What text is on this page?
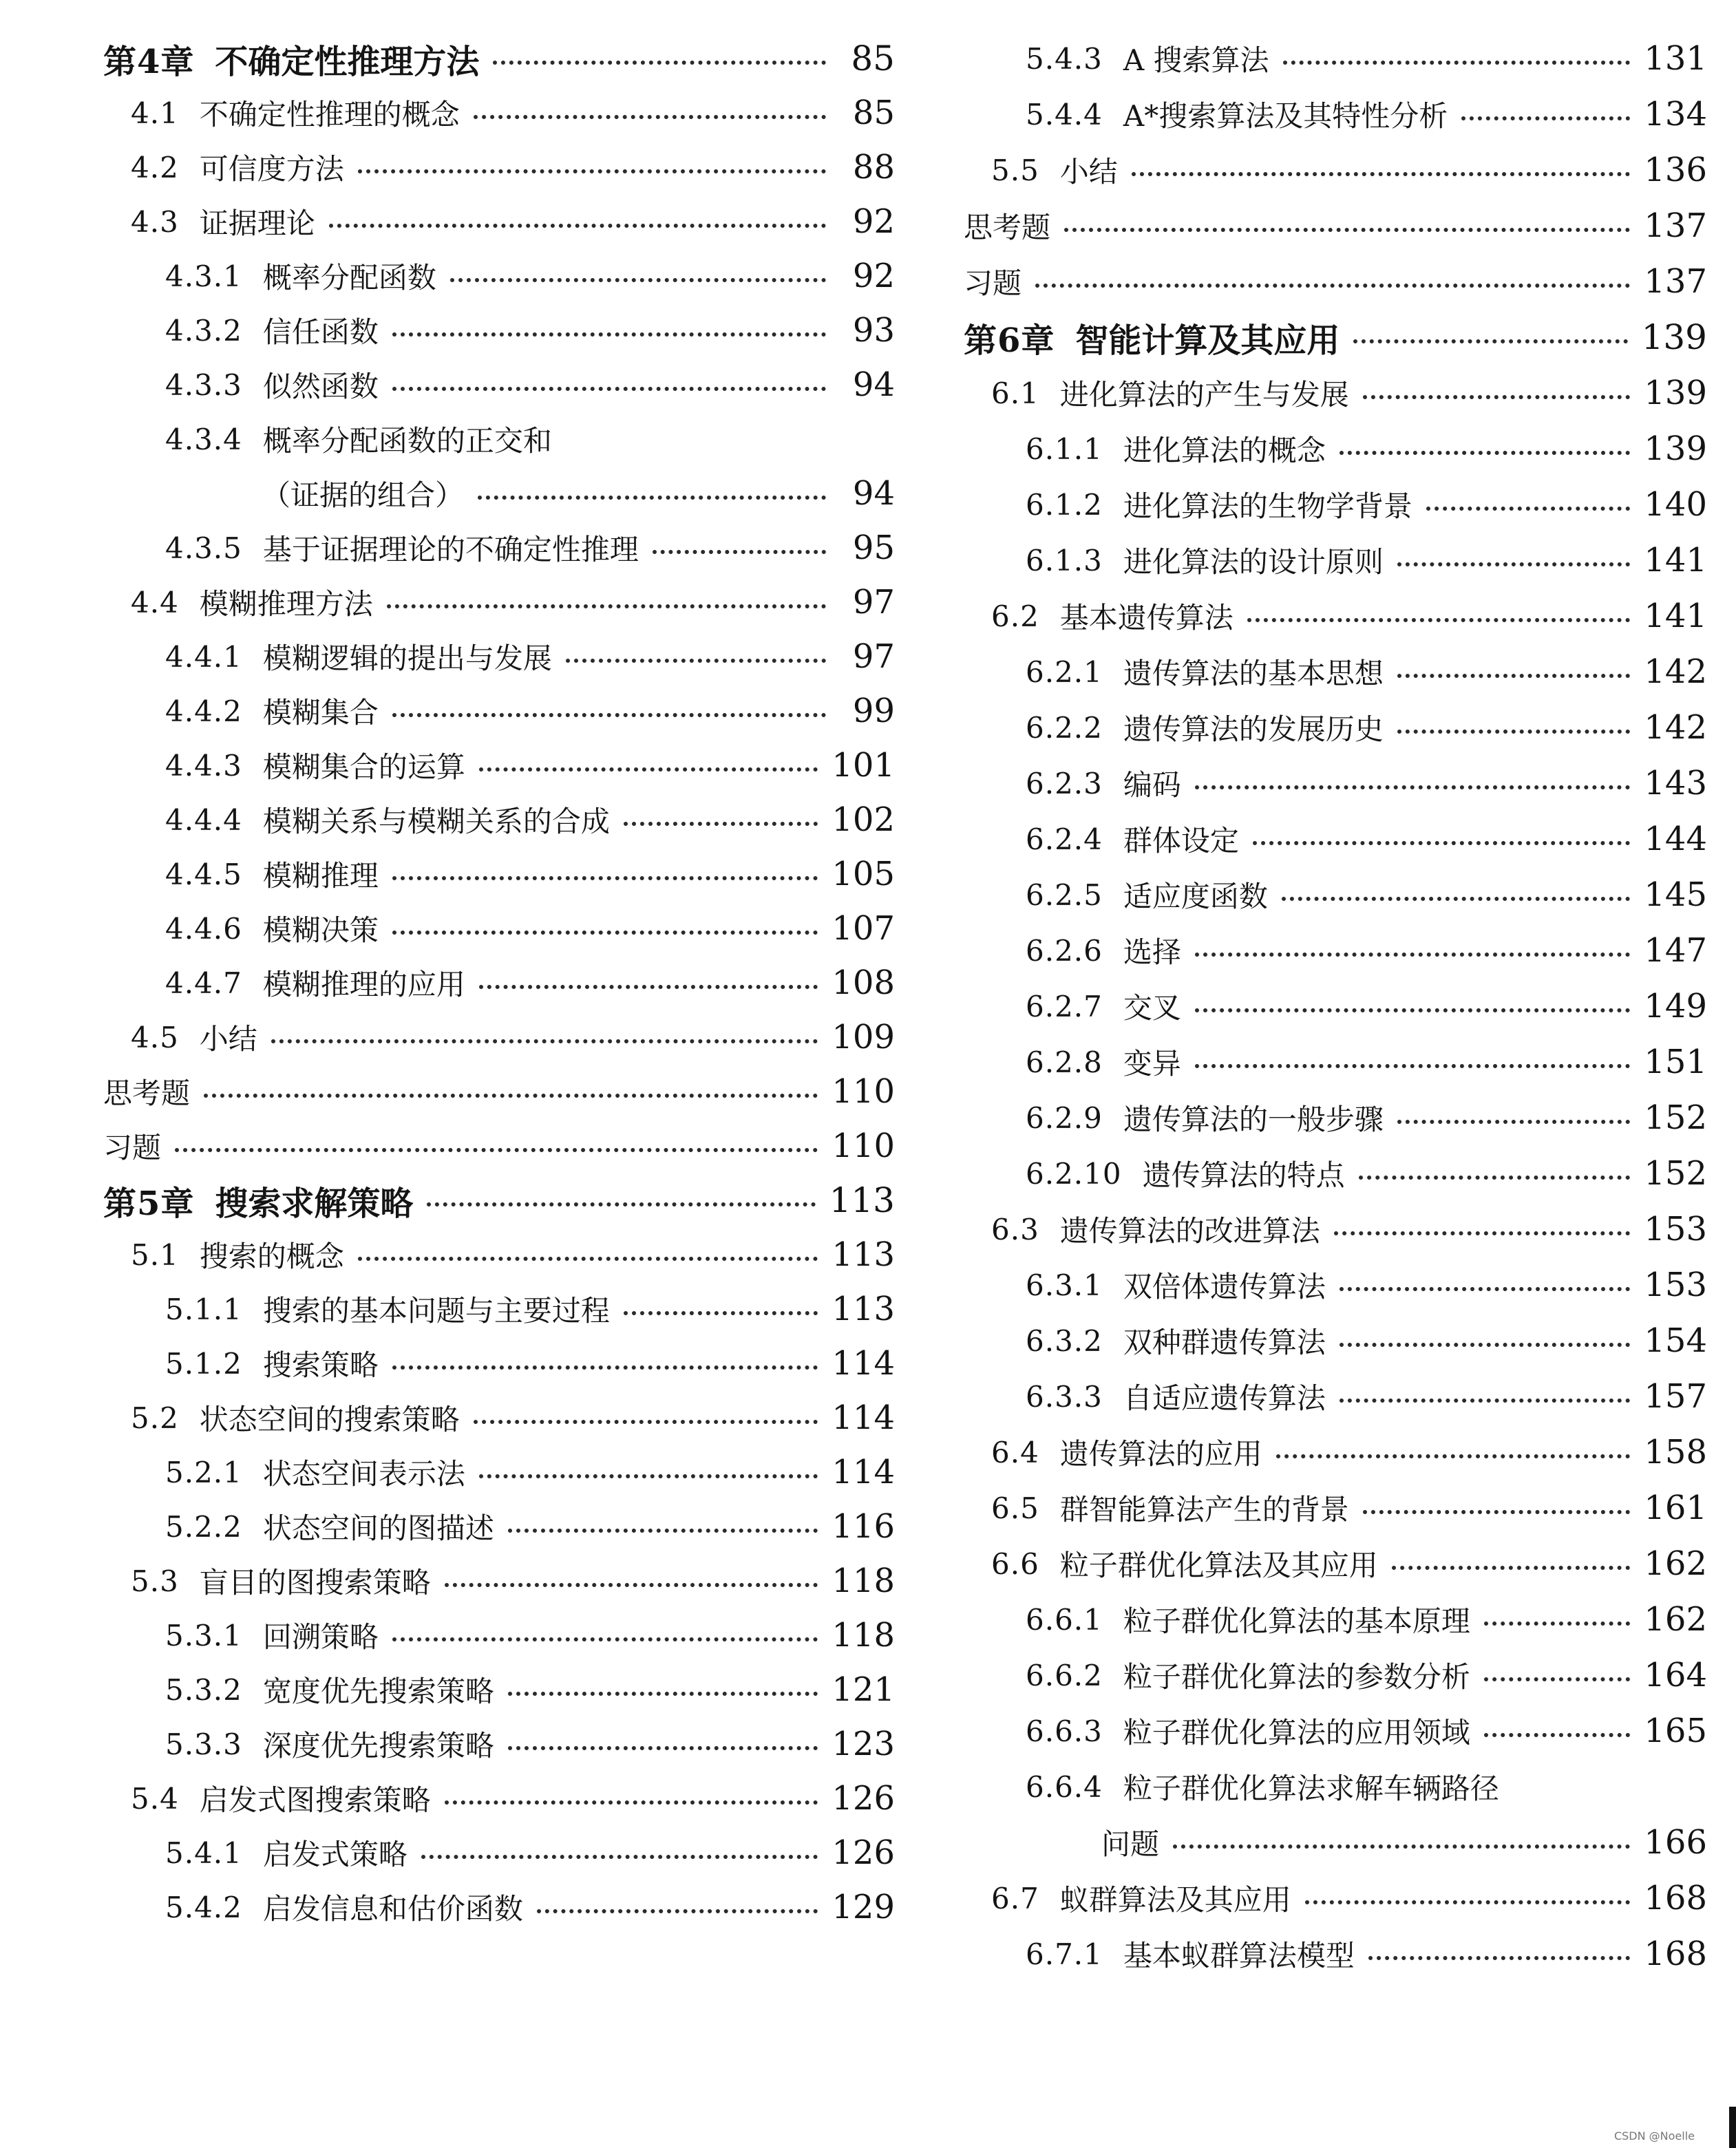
第4章 不确定性推理方法	85
4.1 不确定性推理的概念	85
4.2 可信度方法	88
4.3 证据理论	92
4.3.1 概率分配函数	92
4.3.2 信任函数	93
4.3.3 似然函数	94
4.3.4 概率分配函数的正交和
（证据的组合）	94
4.3.5 基于证据理论的不确定性推理	95
4.4 模糊推理方法	97
4.4.1 模糊逻辑的提出与发展	97
4.4.2 模糊集合	99
4.4.3 模糊集合的运算	101
4.4.4 模糊关系与模糊关系的合成	102
4.4.5 模糊推理	105
4.4.6 模糊决策	107
4.4.7 模糊推理的应用	108
4.5 小结	109
思考题	110
习题	110
第5章 搜索求解策略	113
5.1 搜索的概念	113
5.1.1 搜索的基本问题与主要过程	113
5.1.2 搜索策略	114
5.2 状态空间的搜索策略	114
5.2.1 状态空间表示法	114
5.2.2 状态空间的图描述	116
5.3 盲目的图搜索策略	118
5.3.1 回溯策略	118
5.3.2 宽度优先搜索策略	121
5.3.3 深度优先搜索策略	123
5.4 启发式图搜索策略	126
5.4.1 启发式策略	126
5.4.2 启发信息和估价函数	129
5.4.3 A 搜索算法	131
5.4.4 A*搜索算法及其特性分析	134
5.5 小结	136
思考题	137
习题	137
第6章 智能计算及其应用	139
6.1 进化算法的产生与发展	139
6.1.1 进化算法的概念	139
6.1.2 进化算法的生物学背景	140
6.1.3 进化算法的设计原则	141
6.2 基本遗传算法	141
6.2.1 遗传算法的基本思想	142
6.2.2 遗传算法的发展历史	142
6.2.3 编码	143
6.2.4 群体设定	144
6.2.5 适应度函数	145
6.2.6 选择	147
6.2.7 交叉	149
6.2.8 变异	151
6.2.9 遗传算法的一般步骤	152
6.2.10 遗传算法的特点	152
6.3 遗传算法的改进算法	153
6.3.1 双倍体遗传算法	153
6.3.2 双种群遗传算法	154
6.3.3 自适应遗传算法	157
6.4 遗传算法的应用	158
6.5 群智能算法产生的背景	161
6.6 粒子群优化算法及其应用	162
6.6.1 粒子群优化算法的基本原理	162
6.6.2 粒子群优化算法的参数分析	164
6.6.3 粒子群优化算法的应用领域	165
6.6.4 粒子群优化算法求解车辆路径
问题	166
6.7 蚁群算法及其应用	168
6.7.1 基本蚁群算法模型	168
CSDN @Noelle
